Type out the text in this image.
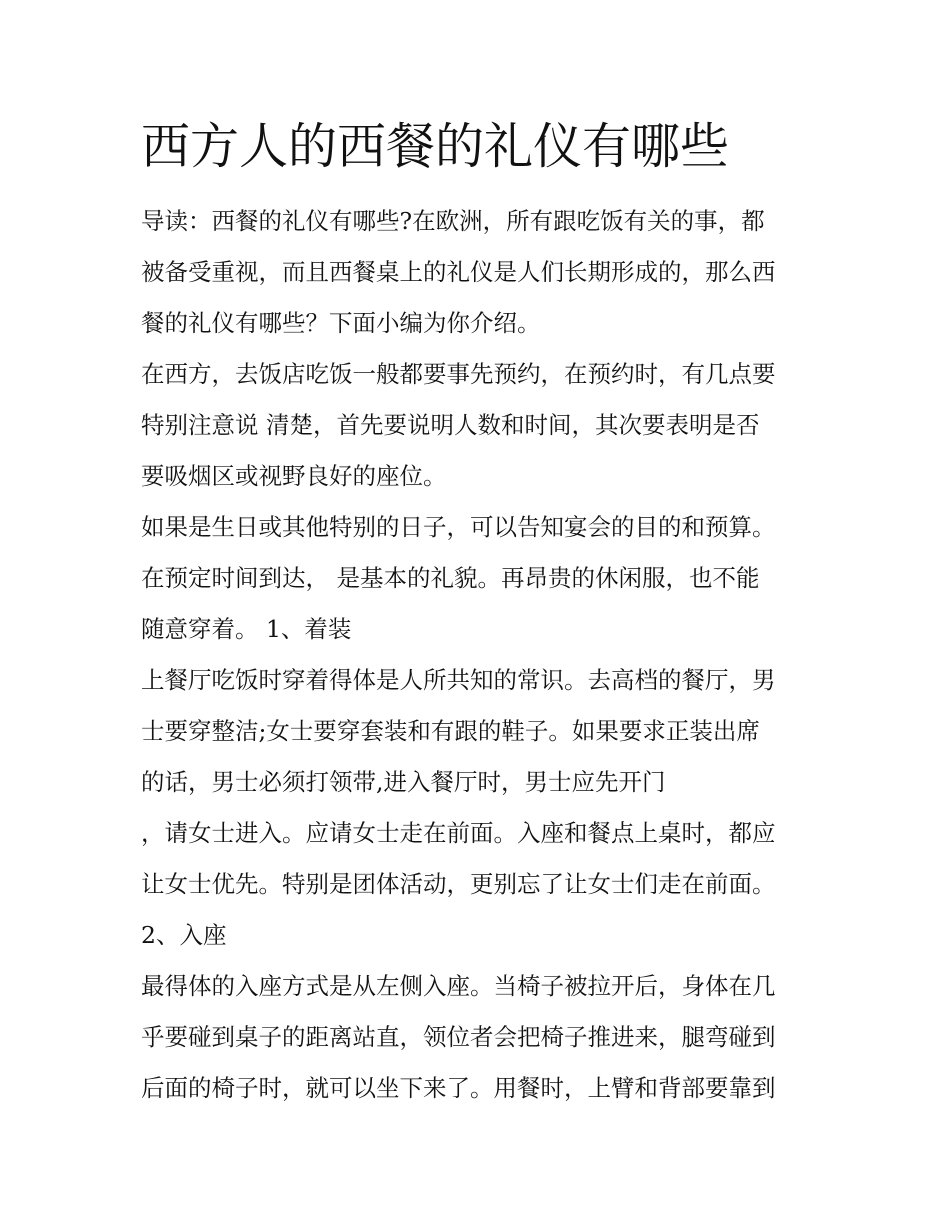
西方人的西餐的礼仪有哪些
导读：西餐的礼仪有哪些?在欧洲，所有跟吃饭有关的事，都
被备受重视，而且西餐桌上的礼仪是人们长期形成的，那么西
餐的礼仪有哪些？下面小编为你介绍。
在西方，去饭店吃饭一般都要事先预约，在预约时，有几点要
特别注意说 清楚，首先要说明人数和时间，其次要表明是否
要吸烟区或视野良好的座位。
如果是生日或其他特别的日子，可以告知宴会的目的和预算。
在预定时间到达， 是基本的礼貌。再昂贵的休闲服，也不能
随意穿着。 1、着装
上餐厅吃饭时穿着得体是人所共知的常识。去高档的餐厅，男
士要穿整洁;女士要穿套装和有跟的鞋子。如果要求正装出席
的话，男士必须打领带,进入餐厅时，男士应先开门
，请女士进入。应请女士走在前面。入座和餐点上桌时，都应
让女士优先。特别是团体活动，更别忘了让女士们走在前面。
2、入座
最得体的入座方式是从左侧入座。当椅子被拉开后，身体在几
乎要碰到桌子的距离站直，领位者会把椅子推进来，腿弯碰到
后面的椅子时，就可以坐下来了。用餐时，上臂和背部要靠到
